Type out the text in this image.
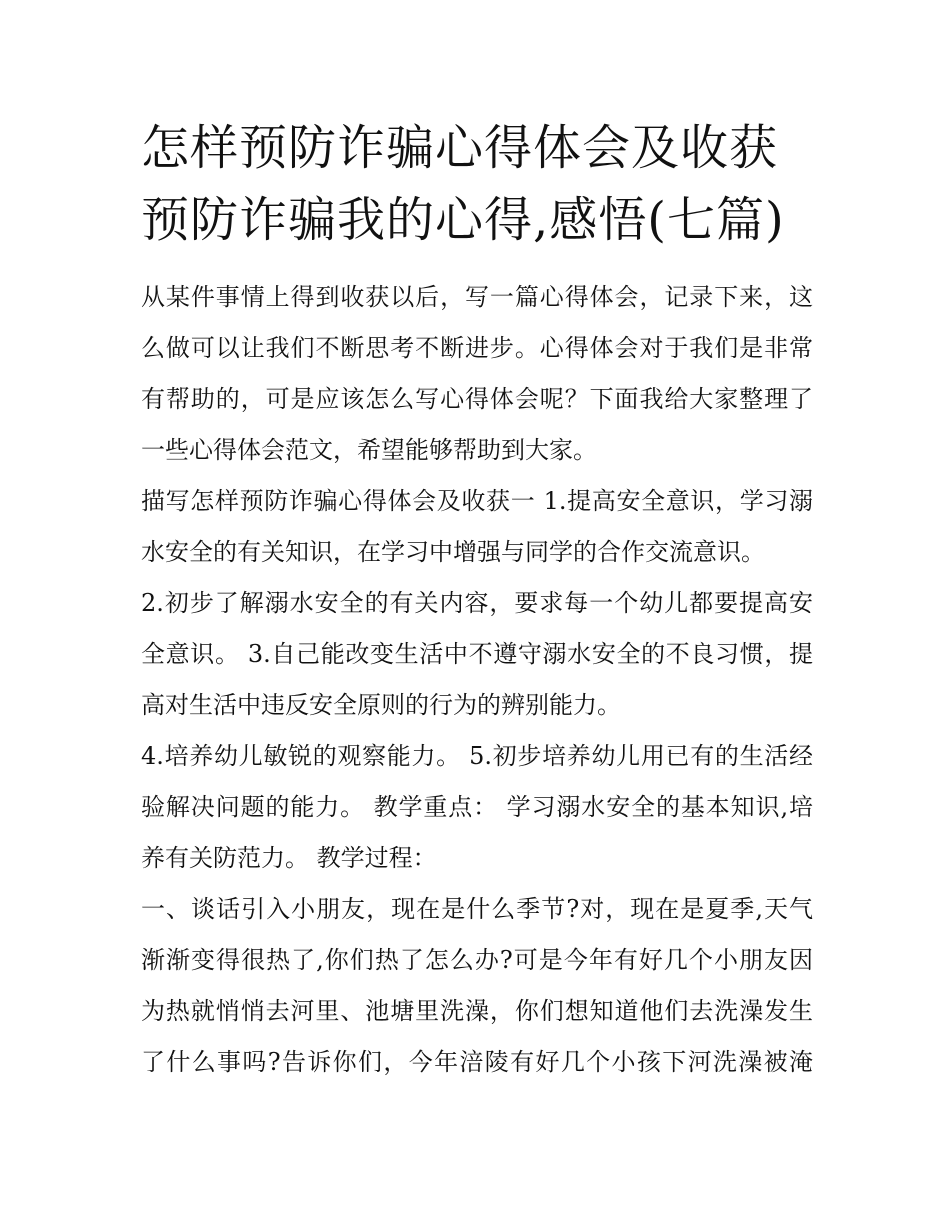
怎样预防诈骗心得体会及收获
预防诈骗我的心得,感悟(七篇)

从某件事情上得到收获以后，写一篇心得体会，记录下来，这
么做可以让我们不断思考不断进步。心得体会对于我们是非常
有帮助的，可是应该怎么写心得体会呢？下面我给大家整理了
一些心得体会范文，希望能够帮助到大家。

描写怎样预防诈骗心得体会及收获一 1.提高安全意识，学习溺
水安全的有关知识，在学习中增强与同学的合作交流意识。

2.初步了解溺水安全的有关内容，要求每一个幼儿都要提高安
全意识。 3.自己能改变生活中不遵守溺水安全的不良习惯，提
高对生活中违反安全原则的行为的辨别能力。

4.培养幼儿敏锐的观察能力。 5.初步培养幼儿用已有的生活经
验解决问题的能力。 教学重点： 学习溺水安全的基本知识,培
养有关防范力。 教学过程：

一、谈话引入小朋友，现在是什么季节?对，现在是夏季,天气
渐渐变得很热了,你们热了怎么办?可是今年有好几个小朋友因
为热就悄悄去河里、池塘里洗澡，你们想知道他们去洗澡发生
了什么事吗?告诉你们，今年涪陵有好几个小孩下河洗澡被淹
